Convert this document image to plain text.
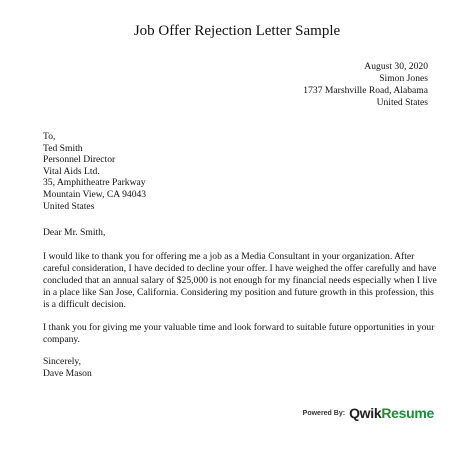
Job Offer Rejection Letter Sample
August 30, 2020
Simon Jones
1737 Marshville Road, Alabama
United States
To,
Ted Smith
Personnel Director
Vital Aids Ltd.
35, Amphitheatre Parkway
Mountain View, CA 94043
United States
Dear Mr. Smith,
I would like to thank you for offering me a job as a Media Consultant in your organization. After
careful consideration, I have decided to decline your offer. I have weighed the offer carefully and have
concluded that an annual salary of $25,000 is not enough for my financial needs especially when I live
in a place like San Jose, California. Considering my position and future growth in this profession, this
is a difficult decision.
I thank you for giving me your valuable time and look forward to suitable future opportunities in your
company.
Sincerely,
Dave Mason
Powered By: Qwik Resume
